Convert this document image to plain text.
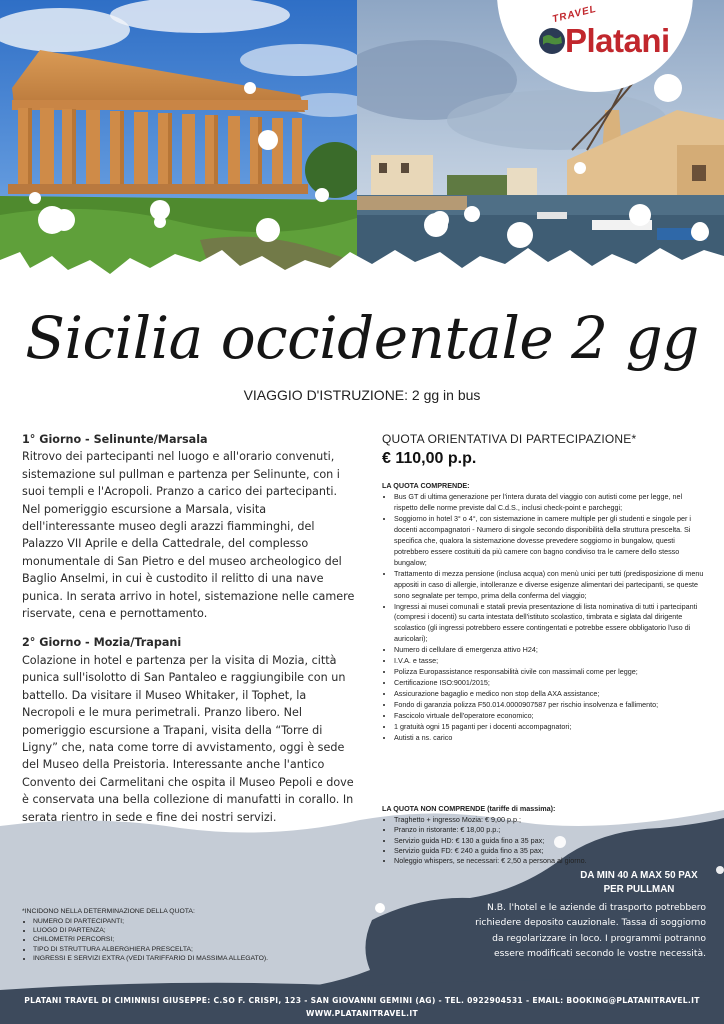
TRAVEL
Platani
Sicilia occidentale 2 gg
VIAGGIO D'ISTRUZIONE: 2 gg in bus

1° Giorno - Selinunte/Marsala

Ritrovo dei partecipanti nel luogo e all'orario convenuti, sistemazione sul pullman e partenza per Selinunte, con i suoi templi e l'Acropoli. Pranzo a carico dei partecipanti. Nel pomeriggio escursione a Marsala, visita dell'interessante museo degli arazzi fiamminghi, del Palazzo VII Aprile e della Cattedrale, del complesso monumentale di San Pietro e del museo archeologico del Baglio Anselmi, in cui è custodito il relitto di una nave punica. In serata arrivo in hotel, sistemazione nelle camere riservate, cena e pernottamento.

2° Giorno - Mozia/Trapani

Colazione in hotel e partenza per la visita di Mozia, città punica sull'isolotto di San Pantaleo e raggiungibile con un battello. Da visitare il Museo Whitaker, il Tophet, la Necropoli e le mura perimetrali. Pranzo libero. Nel pomeriggio escursione a Trapani, visita della “Torre di Ligny” che, nata come torre di avvistamento, oggi è sede del Museo della Preistoria. Interessante anche l'antico Convento dei Carmelitani che ospita il Museo Pepoli e dove è conservata una bella collezione di manufatti in corallo. In serata rientro in sede e fine dei nostri servizi.

QUOTA ORIENTATIVA DI PARTECIPAZIONE*
€ 110,00 p.p.
LA QUOTA COMPRENDE:
• Bus GT di ultima generazione per l'intera durata del viaggio con autisti come per legge, nel rispetto delle norme previste dal C.d.S., inclusi check-point e parcheggi;
• Soggiorno in hotel 3° o 4°, con sistemazione in camere multiple per gli studenti e singole per i docenti accompagnatori - Numero di singole secondo disponibilità della struttura prescelta. Si specifica che, qualora la sistemazione dovesse prevedere soggiorno in bungalow, questi potrebbero essere costituiti da più camere con bagno condiviso tra le camere dello stesso bungalow;
• Trattamento di mezza pensione (inclusa acqua) con menù unici per tutti (predisposizione di menu appositi in caso di allergie, intolleranze e diverse esigenze alimentari dei partecipanti, se queste sono segnalate per tempo, prima della conferma del viaggio;
• Ingressi ai musei comunali e statali previa presentazione di lista nominativa di tutti i partecipanti (compresi i docenti) su carta intestata dell'istituto scolastico, timbrata e siglata dal dirigente scolastico (gli ingressi potrebbero essere contingentati e potrebbe essere obbligatorio l'uso di auricolari);
• Numero di cellulare di emergenza attivo H24;
• I.V.A. e tasse;
• Polizza Europassistance responsabilità civile con massimali come per legge;
• Certificazione ISO:9001/2015;
• Assicurazione bagaglio e medico non stop della AXA assistance;
• Fondo di garanzia polizza F50.014.0000907587 per rischio insolvenza e fallimento;
• Fascicolo virtuale dell'operatore economico;
• 1 gratuità ogni 15 paganti per i docenti accompagnatori;
• Autisti a ns. carico
LA QUOTA NON COMPRENDE (tariffe di massima):
• Traghetto + ingresso Mozia: € 9,00 p.p.;
• Pranzo in ristorante: € 18,00 p.p.;
• Servizio guida HD: € 130 a guida fino a 35 pax;
• Servizio guida FD: € 240 a guida fino a 35 pax;
• Noleggio whispers, se necessari: € 2,50 a persona al giorno.
*INCIDONO NELLA DETERMINAZIONE DELLA QUOTA:
• NUMERO DI PARTECIPANTI;
• LUOGO DI PARTENZA;
• CHILOMETRI PERCORSI;
• TIPO DI STRUTTURA ALBERGHIERA PRESCELTA;
• INGRESSI E SERVIZI EXTRA (VEDI TARIFFARIO DI MASSIMA ALLEGATO).
DA MIN 40 A MAX 50 PAX
PER PULLMAN
N.B. l'hotel e le aziende di trasporto potrebbero richiedere deposito cauzionale. Tassa di soggiorno da regolarizzare in loco. I programmi potranno essere modificati secondo le vostre necessità.
PLATANI TRAVEL DI CIMINNISI GIUSEPPE: C.SO F. CRISPI, 123 - SAN GIOVANNI GEMINI (AG) - TEL. 0922904531 - EMAIL: BOOKING@PLATANITRAVEL.IT
WWW.PLATANITRAVEL.IT
